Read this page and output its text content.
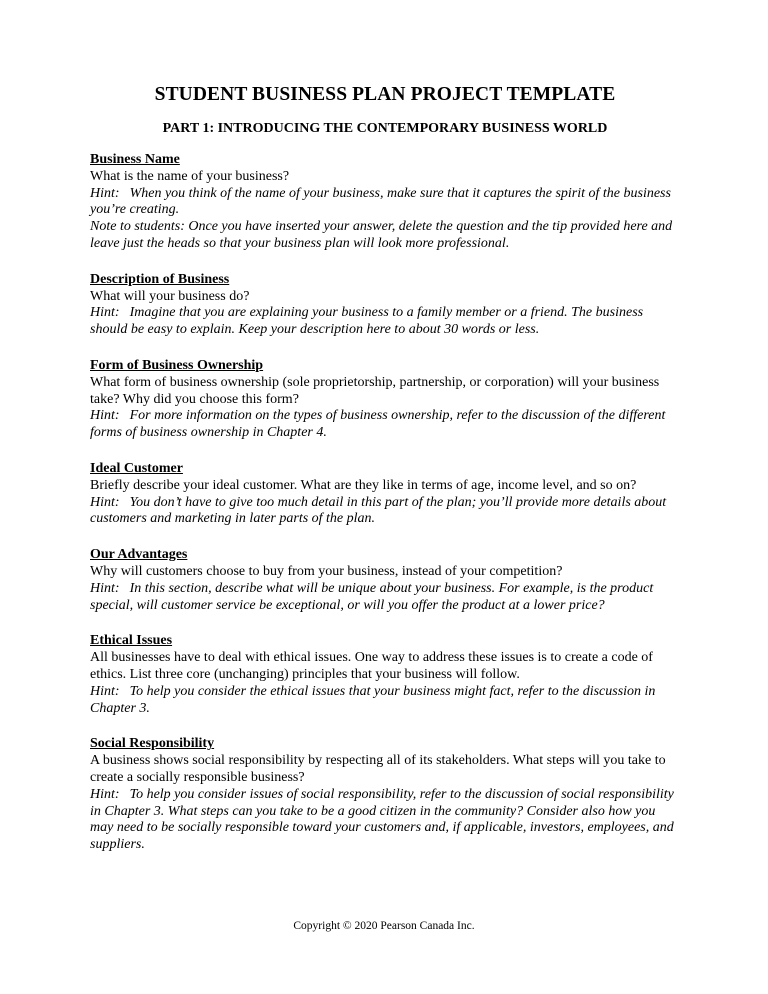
STUDENT BUSINESS PLAN PROJECT TEMPLATE
PART 1: INTRODUCING THE CONTEMPORARY BUSINESS WORLD

Business Name

What is the name of your business?

Hint: When you think of the name of your business, make sure that it captures the spirit of the business you’re creating.

Note to students: Once you have inserted your answer, delete the question and the tip provided here and leave just the heads so that your business plan will look more professional.

Description of Business

What will your business do?

Hint: Imagine that you are explaining your business to a family member or a friend. The business should be easy to explain. Keep your description here to about 30 words or less.

Form of Business Ownership

What form of business ownership (sole proprietorship, partnership, or corporation) will your business take? Why did you choose this form?

Hint: For more information on the types of business ownership, refer to the discussion of the different forms of business ownership in Chapter 4.

Ideal Customer

Briefly describe your ideal customer. What are they like in terms of age, income level, and so on?

Hint: You don’t have to give too much detail in this part of the plan; you’ll provide more details about customers and marketing in later parts of the plan.

Our Advantages

Why will customers choose to buy from your business, instead of your competition?

Hint: In this section, describe what will be unique about your business. For example, is the product special, will customer service be exceptional, or will you offer the product at a lower price?

Ethical Issues

All businesses have to deal with ethical issues. One way to address these issues is to create a code of ethics. List three core (unchanging) principles that your business will follow.

Hint: To help you consider the ethical issues that your business might fact, refer to the discussion in Chapter 3.

Social Responsibility

A business shows social responsibility by respecting all of its stakeholders. What steps will you take to create a socially responsible business?

Hint: To help you consider issues of social responsibility, refer to the discussion of social responsibility in Chapter 3. What steps can you take to be a good citizen in the community? Consider also how you may need to be socially responsible toward your customers and, if applicable, investors, employees, and suppliers.

Copyright © 2020 Pearson Canada Inc.
